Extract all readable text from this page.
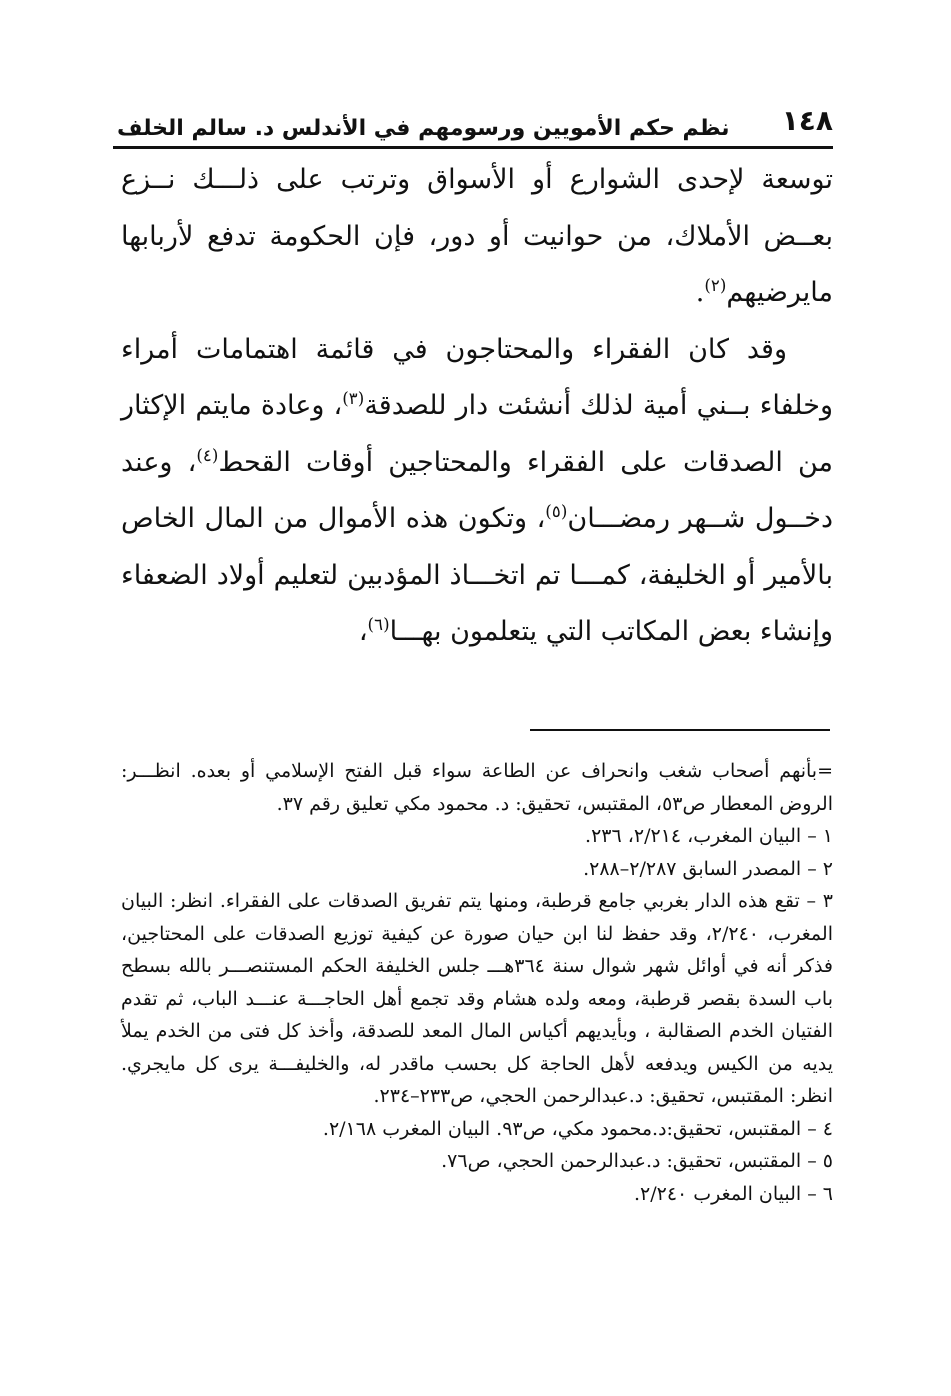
١٤٨
نظم حكم الأمويين ورسومهم في الأندلس د. سالم الخلف

توسعة لإحدى الشوارع أو الأسواق وترتب على ذلـــك نــزع بعــض الأملاك، من حوانيت أو دور، فإن الحكومة تدفع لأربابها مايرضيهم$^{(٢)}$.

وقد كان الفقراء والمحتاجون في قائمة اهتمامات أمراء وخلفاء بــني أمية لذلك أنشئت دار للصدقة$^{(٣)}$، وعادة مايتم الإكثار من الصدقات على الفقراء والمحتاجين أوقات القحط$^{(٤)}$، وعند دخــول شــهر رمضـــان$^{(٥)}$، وتكون هذه الأموال من المال الخاص بالأمير أو الخليفة، كمـــا تم اتخـــاذ المؤدبين لتعليم أولاد الضعفاء وإنشاء بعض المكاتب التي يتعلمون بهـــا$^{(٦)}$،

=بأنهم أصحاب شغب وانحراف عن الطاعة سواء قبل الفتح الإسلامي أو بعده. انظـــر: الروض المعطار ص٥٣، المقتبس، تحقيق: د. محمود مكي تعليق رقم ٣٧.

١ – البيان المغرب، ٢/٢١٤، ٢٣٦.

٢ – المصدر السابق ٢/٢٨٧–٢٨٨.

٣ – تقع هذه الدار بغربي جامع قرطبة، ومنها يتم تفريق الصدقات على الفقراء. انظر: البيان المغرب، ٢/٢٤٠، وقد حفظ لنا ابن حيان صورة عن كيفية توزيع الصدقات على المحتاجين، فذكر أنه في أوائل شهر شوال سنة ٣٦٤هـــ جلس الخليفة الحكم المستنصـــر بالله بسطح باب السدة بقصر قرطبة، ومعه ولده هشام وقد تجمع أهل الحاجـــة عنـــد الباب، ثم تقدم الفتيان الخدم الصقالبة ، وبأيديهم أكياس المال المعد للصدقة، وأخذ كل فتى من الخدم يملأ يديه من الكيس ويدفعه لأهل الحاجة كل بحسب ماقدر له، والخليفـــة يرى كل مايجري. انظر: المقتبس، تحقيق: د.عبدالرحمن الحجي، ص٢٣٣–٢٣٤.

٤ – المقتبس، تحقيق:د.محمود مكي، ص٩٣. البيان المغرب ٢/١٦٨.

٥ – المقتبس، تحقيق: د.عبدالرحمن الحجي، ص٧٦.

٦ – البيان المغرب ٢/٢٤٠.
